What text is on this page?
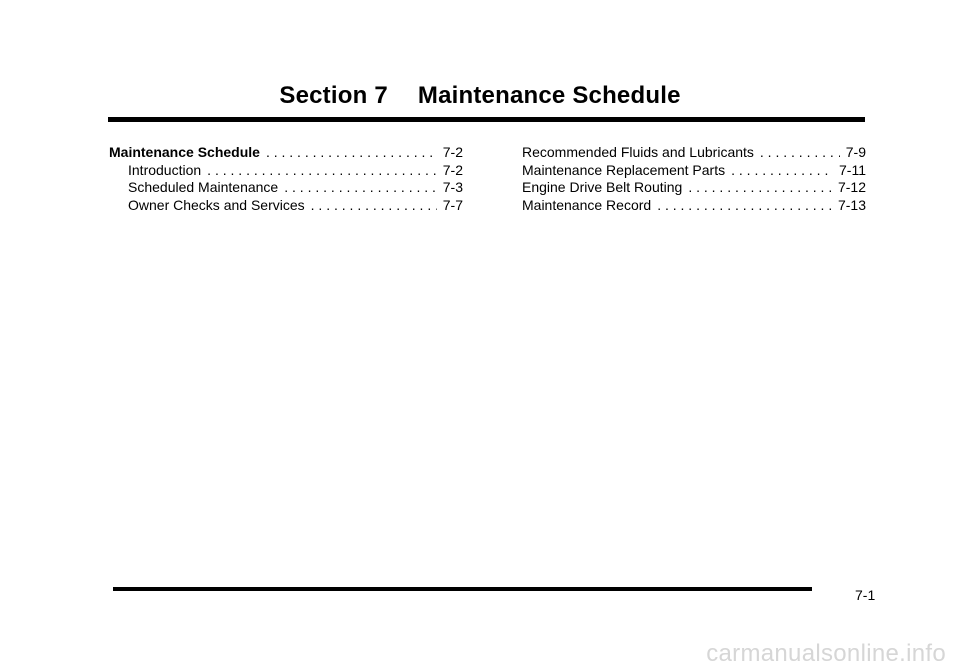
Section 7 Maintenance Schedule
Maintenance Schedule . . .	7-2
Introduction . . .	7-2
Scheduled Maintenance . . .	7-3
Owner Checks and Services . . .	7-7
Recommended Fluids and Lubricants . . .	7-9
Maintenance Replacement Parts . . .	7-11
Engine Drive Belt Routing . . .	7-12
Maintenance Record . . .	7-13
7-1
carmanualsonline.info
